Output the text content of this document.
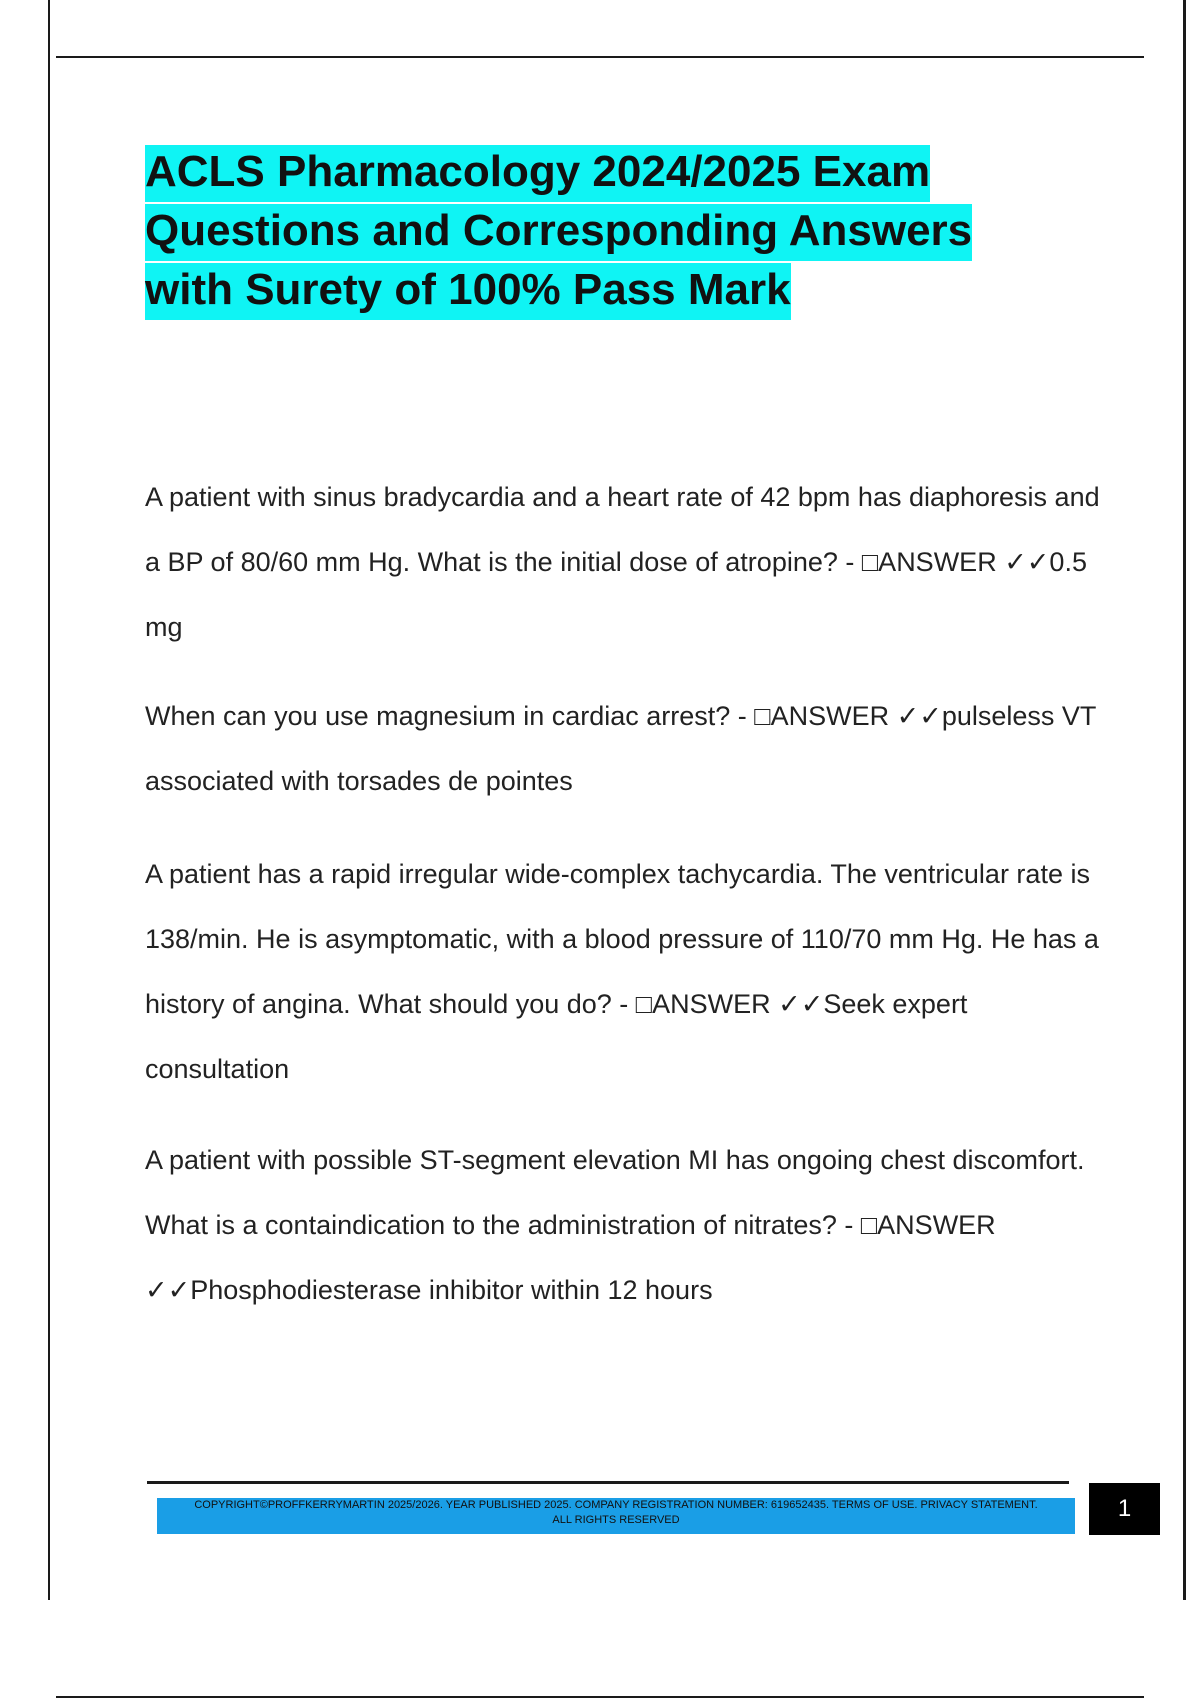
ACLS Pharmacology 2024/2025 Exam
Questions and Corresponding Answers
with Surety of 100% Pass Mark

A patient with sinus bradycardia and a heart rate of 42 bpm has diaphoresis and a BP of 80/60 mm Hg. What is the initial dose of atropine? - □ANSWER ✓✓0.5 mg

When can you use magnesium in cardiac arrest? - □ANSWER ✓✓pulseless VT associated with torsades de pointes

A patient has a rapid irregular wide-complex tachycardia. The ventricular rate is 138/min. He is asymptomatic, with a blood pressure of 110/70 mm Hg. He has a history of angina. What should you do? - □ANSWER ✓✓Seek expert consultation

A patient with possible ST-segment elevation MI has ongoing chest discomfort. What is a containdication to the administration of nitrates? - □ANSWER ✓✓Phosphodiesterase inhibitor within 12 hours

COPYRIGHT©PROFFKERRYMARTIN 2025/2026. YEAR PUBLISHED 2025. COMPANY REGISTRATION NUMBER: 619652435. TERMS OF USE. PRIVACY STATEMENT.
ALL RIGHTS RESERVED	1
